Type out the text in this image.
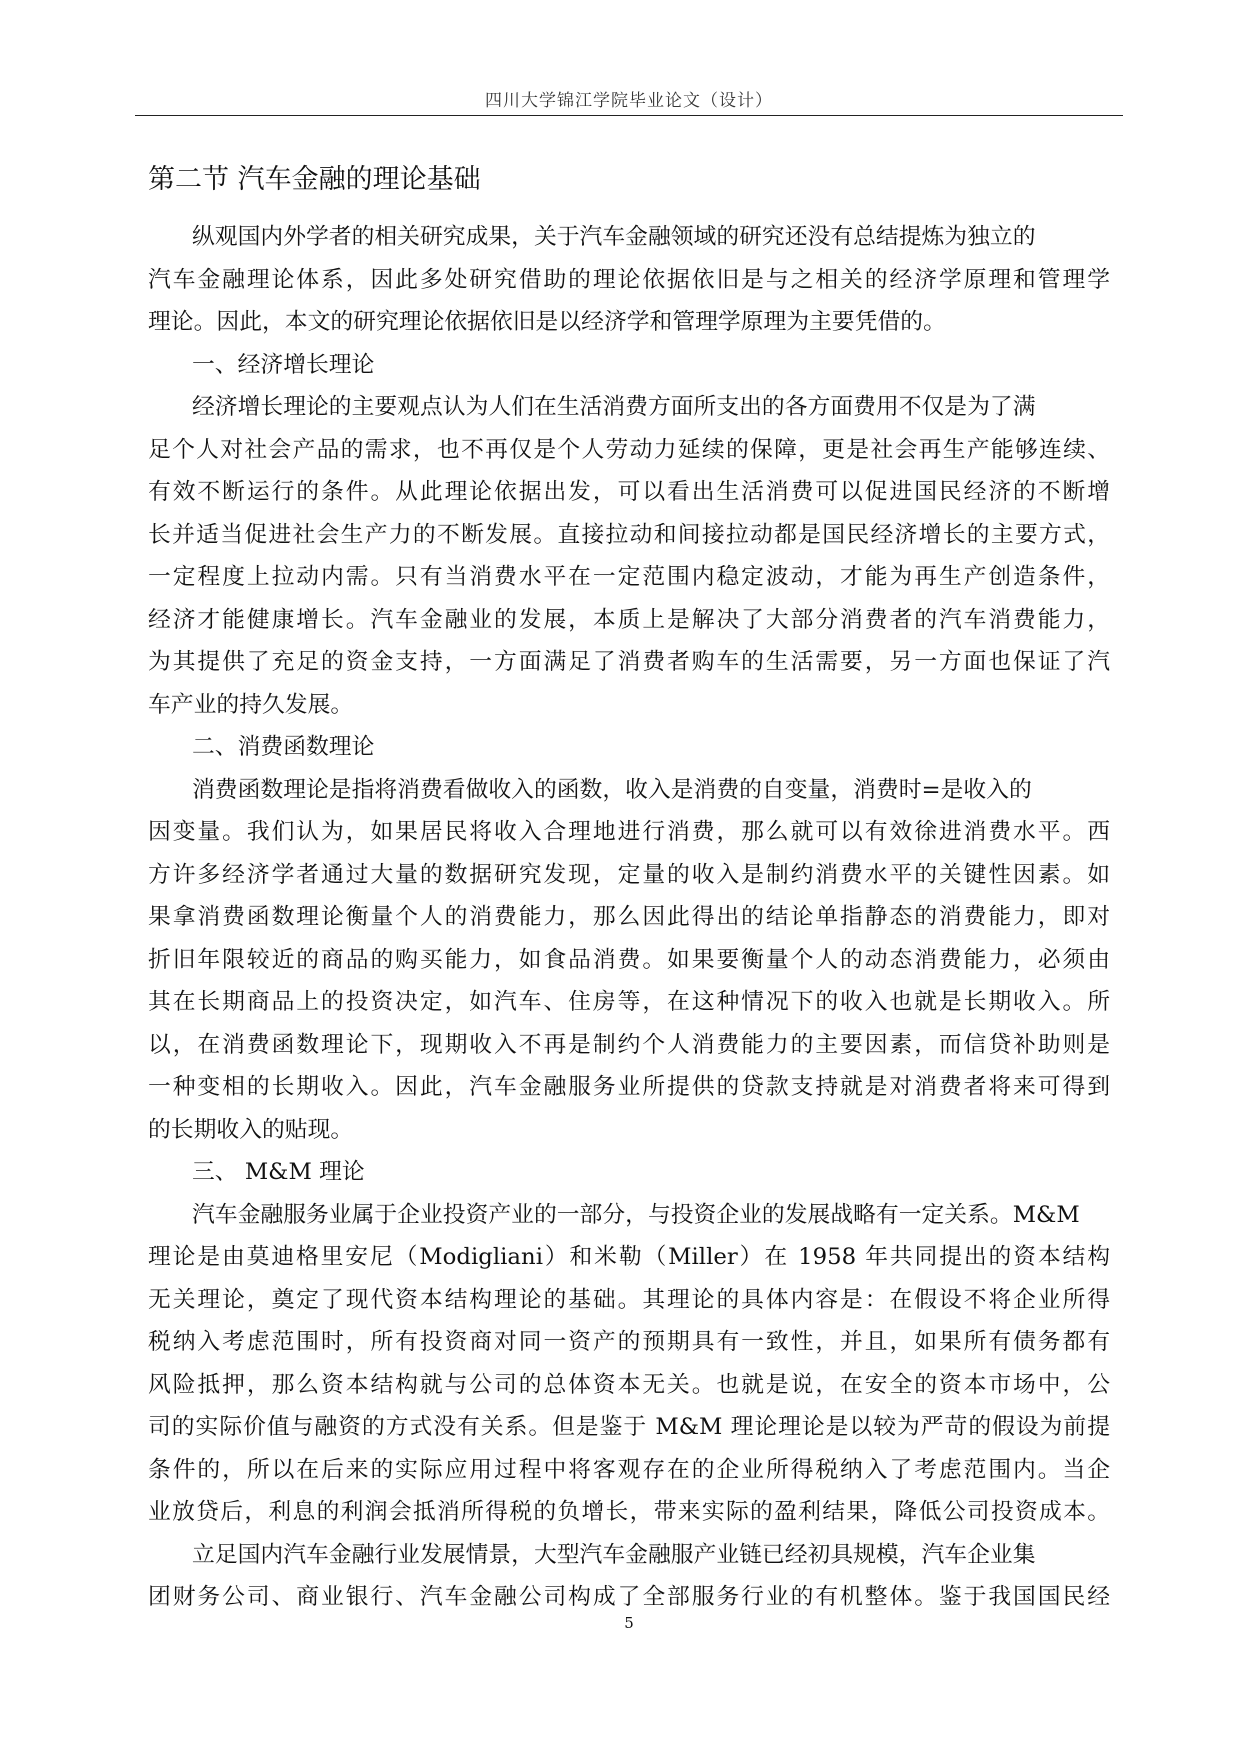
四川大学锦江学院毕业论文（设计）
第二节 汽车金融的理论基础
纵观国内外学者的相关研究成果，关于汽车金融领域的研究还没有总结提炼为独立的
汽车金融理论体系，因此多处研究借助的理论依据依旧是与之相关的经济学原理和管理学
理论。因此，本文的研究理论依据依旧是以经济学和管理学原理为主要凭借的。
一、经济增长理论
经济增长理论的主要观点认为人们在生活消费方面所支出的各方面费用不仅是为了满
足个人对社会产品的需求，也不再仅是个人劳动力延续的保障，更是社会再生产能够连续、
有效不断运行的条件。从此理论依据出发，可以看出生活消费可以促进国民经济的不断增
长并适当促进社会生产力的不断发展。直接拉动和间接拉动都是国民经济增长的主要方式，
一定程度上拉动内需。只有当消费水平在一定范围内稳定波动，才能为再生产创造条件，
经济才能健康增长。汽车金融业的发展，本质上是解决了大部分消费者的汽车消费能力，
为其提供了充足的资金支持，一方面满足了消费者购车的生活需要，另一方面也保证了汽
车产业的持久发展。
二、消费函数理论
消费函数理论是指将消费看做收入的函数，收入是消费的自变量，消费时=是收入的
因变量。我们认为，如果居民将收入合理地进行消费，那么就可以有效徐进消费水平。西
方许多经济学者通过大量的数据研究发现，定量的收入是制约消费水平的关键性因素。如
果拿消费函数理论衡量个人的消费能力，那么因此得出的结论单指静态的消费能力，即对
折旧年限较近的商品的购买能力，如食品消费。如果要衡量个人的动态消费能力，必须由
其在长期商品上的投资决定，如汽车、住房等，在这种情况下的收入也就是长期收入。所
以，在消费函数理论下，现期收入不再是制约个人消费能力的主要因素，而信贷补助则是
一种变相的长期收入。因此，汽车金融服务业所提供的贷款支持就是对消费者将来可得到
的长期收入的贴现。
三、 M&M 理论
汽车金融服务业属于企业投资产业的一部分，与投资企业的发展战略有一定关系。M&M
理论是由莫迪格里安尼（Modigliani）和米勒（Miller）在 1958 年共同提出的资本结构
无关理论，奠定了现代资本结构理论的基础。其理论的具体内容是：在假设不将企业所得
税纳入考虑范围时，所有投资商对同一资产的预期具有一致性，并且，如果所有债务都有
风险抵押，那么资本结构就与公司的总体资本无关。也就是说，在安全的资本市场中，公
司的实际价值与融资的方式没有关系。但是鉴于 M&M 理论理论是以较为严苛的假设为前提
条件的，所以在后来的实际应用过程中将客观存在的企业所得税纳入了考虑范围内。当企
业放贷后，利息的利润会抵消所得税的负增长，带来实际的盈利结果，降低公司投资成本。
立足国内汽车金融行业发展情景，大型汽车金融服产业链已经初具规模，汽车企业集
团财务公司、商业银行、汽车金融公司构成了全部服务行业的有机整体。鉴于我国国民经
5
